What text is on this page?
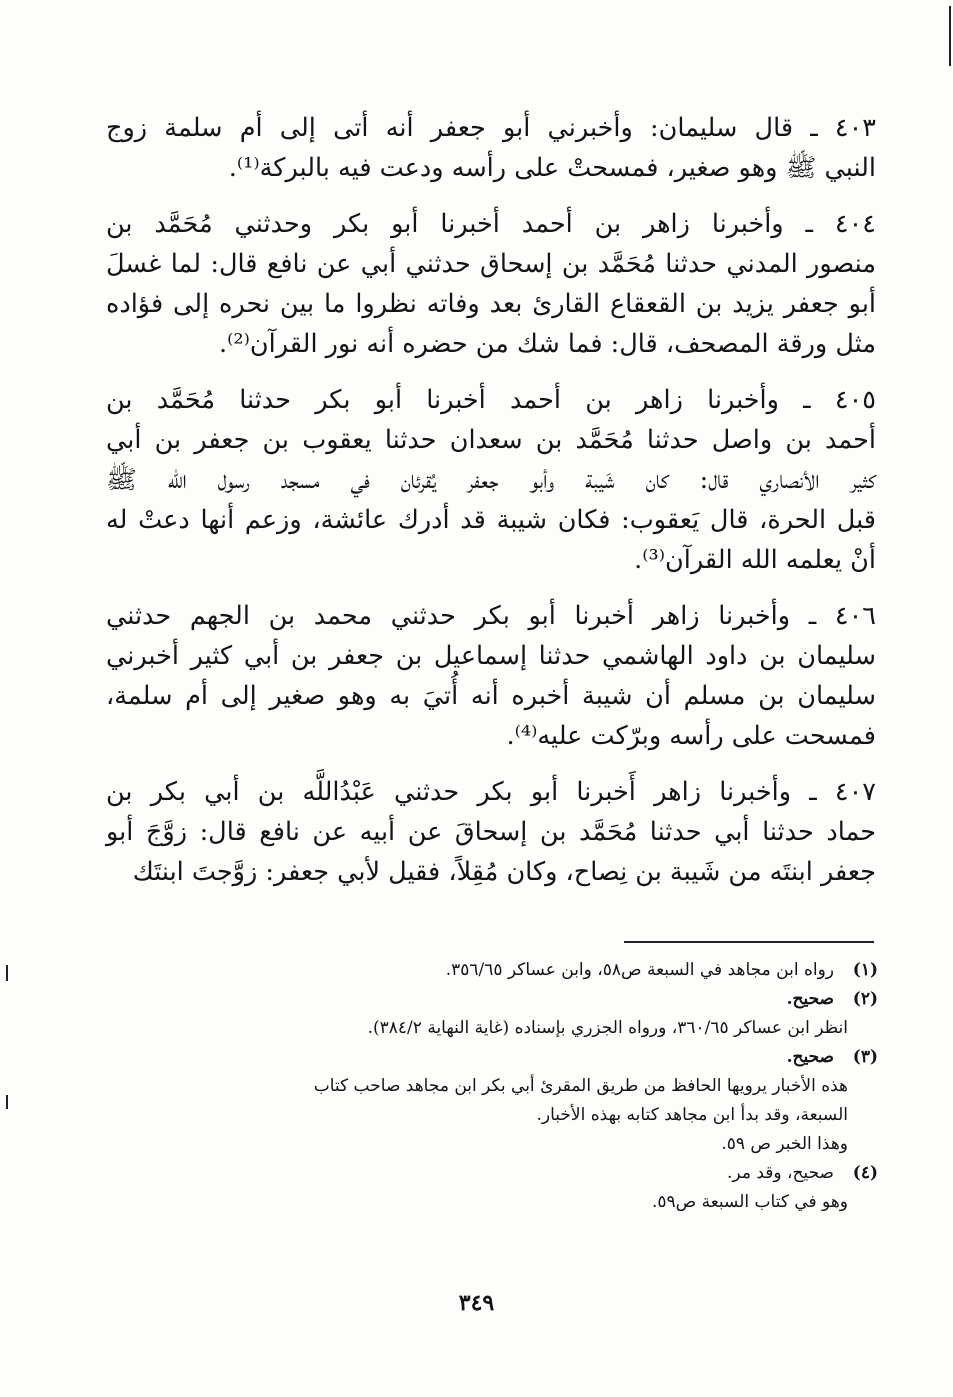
٤٠٣ ـ قال سليمان: وأخبرني أبو جعفر أنه أتى إلى أم سلمة زوج
النبي ﷺ وهو صغير، فمسحتْ على رأسه ودعت فيه بالبركة⁽¹⁾.
٤٠٤ ـ وأخبرنا زاهر بن أحمد أخبرنا أبو بكر وحدثني مُحَمَّد بن
منصور المدني حدثنا مُحَمَّد بن إسحاق حدثني أبي عن نافع قال: لما غسلَ
أبو جعفر يزيد بن القعقاع القارئ بعد وفاته نظروا ما بين نحره إلى فؤاده
مثل ورقة المصحف، قال: فما شك من حضره أنه نور القرآن⁽²⁾.
٤٠٥ ـ وأخبرنا زاهر بن أحمد أخبرنا أبو بكر حدثنا مُحَمَّد بن
أحمد بن واصل حدثنا مُحَمَّد بن سعدان حدثنا يعقوب بن جعفر بن أبي
كثير الأنصاري قال: كان شَيبة وأبو جعفر يُقرئان في مسجد رسول الله ﷺ
قبل الحرة، قال يَعقوب: فكان شيبة قد أدرك عائشة، وزعم أنها دعتْ له
أنْ يعلمه الله القرآن⁽³⁾.
٤٠٦ ـ وأخبرنا زاهر أخبرنا أبو بكر حدثني محمد بن الجهم حدثني
سليمان بن داود الهاشمي حدثنا إسماعيل بن جعفر بن أبي كثير أخبرني
سليمان بن مسلم أن شيبة أخبره أنه أُتيَ به وهو صغير إلى أم سلمة،
فمسحت على رأسه وبرّكت عليه⁽⁴⁾.
٤٠٧ ـ وأخبرنا زاهر أَخبرنا أبو بكر حدثني عَبْدُاللَّه بن أبي بكر بن
حماد حدثنا أبي حدثنا مُحَمَّد بن إسحاقَ عن أبيه عن نافع قال: زوَّجَ أبو
جعفر ابنتَه من شَيبة بن نِصاح، وكان مُقِلاً، فقيل لأبي جعفر: زوَّجتَ ابنتَك
(١)
رواه ابن مجاهد في السبعة ص٥٨، وابن عساكر ٣٥٦/٦٥.
(٢)
صحيح.
انظر ابن عساكر ٣٦٠/٦٥، ورواه الجزري بإسناده (غاية النهاية ٣٨٤/٢).
(٣)
صحيح.
هذه الأخبار يرويها الحافظ من طريق المقرئ أبي بكر ابن مجاهد صاحب كتاب
السبعة، وقد بدأ ابن مجاهد كتابه بهذه الأخبار.
وهذا الخبر ص ٥٩.
(٤)
صحيح، وقد مر.
وهو في كتاب السبعة ص٥٩.
٣٤٩
